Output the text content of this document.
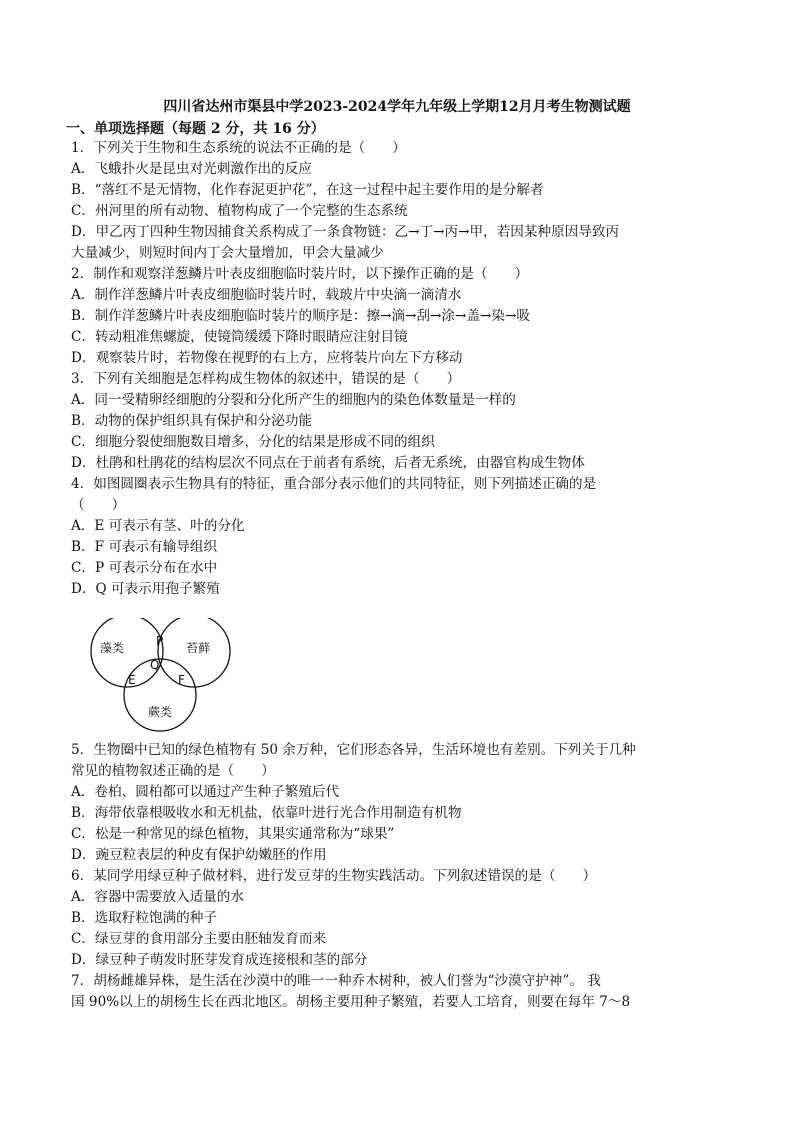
四川省达州市渠县中学2023-2024学年九年级上学期12月月考生物测试题
一、单项选择题（每题 2 分，共 16 分）
1．下列关于生物和生态系统的说法不正确的是（　　）
A．飞蛾扑火是昆虫对光刺激作出的反应
B．“落红不是无情物，化作春泥更护花”，在这一过程中起主要作用的是分解者
C．州河里的所有动物、植物构成了一个完整的生态系统
D．甲乙丙丁四种生物因捕食关系构成了一条食物链：乙→丁→丙→甲，若因某种原因导致丙
大量减少，则短时间内丁会大量增加，甲会大量减少
2．制作和观察洋葱鳞片叶表皮细胞临时装片时，以下操作正确的是（　　）
A．制作洋葱鳞片叶表皮细胞临时装片时，载玻片中央滴一滴清水
B．制作洋葱鳞片叶表皮细胞临时装片的顺序是：擦→滴→刮→涂→盖→染→吸
C．转动粗准焦螺旋，使镜筒缓缓下降时眼睛应注射目镜
D．观察装片时，若物像在视野的右上方，应将装片向左下方移动
3．下列有关细胞是怎样构成生物体的叙述中，错误的是（　　）
A．同一受精卵经细胞的分裂和分化所产生的细胞内的染色体数量是一样的
B．动物的保护组织具有保护和分泌功能
C．细胞分裂使细胞数目增多，分化的结果是形成不同的组织
D．杜鹃和杜鹃花的结构层次不同点在于前者有系统，后者无系统，由器官构成生物体
4．如图圆圈表示生物具有的特征，重合部分表示他们的共同特征，则下列描述正确的是
（　　）
A．E 可表示有茎、叶的分化
B．F 可表示有输导组织
C．P 可表示分布在水中
D．Q 可表示用孢子繁殖
藻类	苔藓
蕨类
P
Q
E	F
5．生物圈中已知的绿色植物有 50 余万种，它们形态各异，生活环境也有差别。下列关于几种
常见的植物叙述正确的是（　　）
A．卷柏、圆柏都可以通过产生种子繁殖后代
B．海带依靠根吸收水和无机盐，依靠叶进行光合作用制造有机物
C．松是一种常见的绿色植物，其果实通常称为“球果”
D．豌豆粒表层的种皮有保护幼嫩胚的作用
6．某同学用绿豆种子做材料，进行发豆芽的生物实践活动。下列叙述错误的是（　　）
A．容器中需要放入适量的水
B．选取籽粒饱满的种子
C．绿豆芽的食用部分主要由胚轴发育而来
D．绿豆种子萌发时胚芽发育成连接根和茎的部分
7．胡杨雌雄异株，是生活在沙漠中的唯一一种乔木树种，被人们誉为“沙漠守护神”。 我
国 90%以上的胡杨生长在西北地区。胡杨主要用种子繁殖，若要人工培育，则要在每年 7～8
